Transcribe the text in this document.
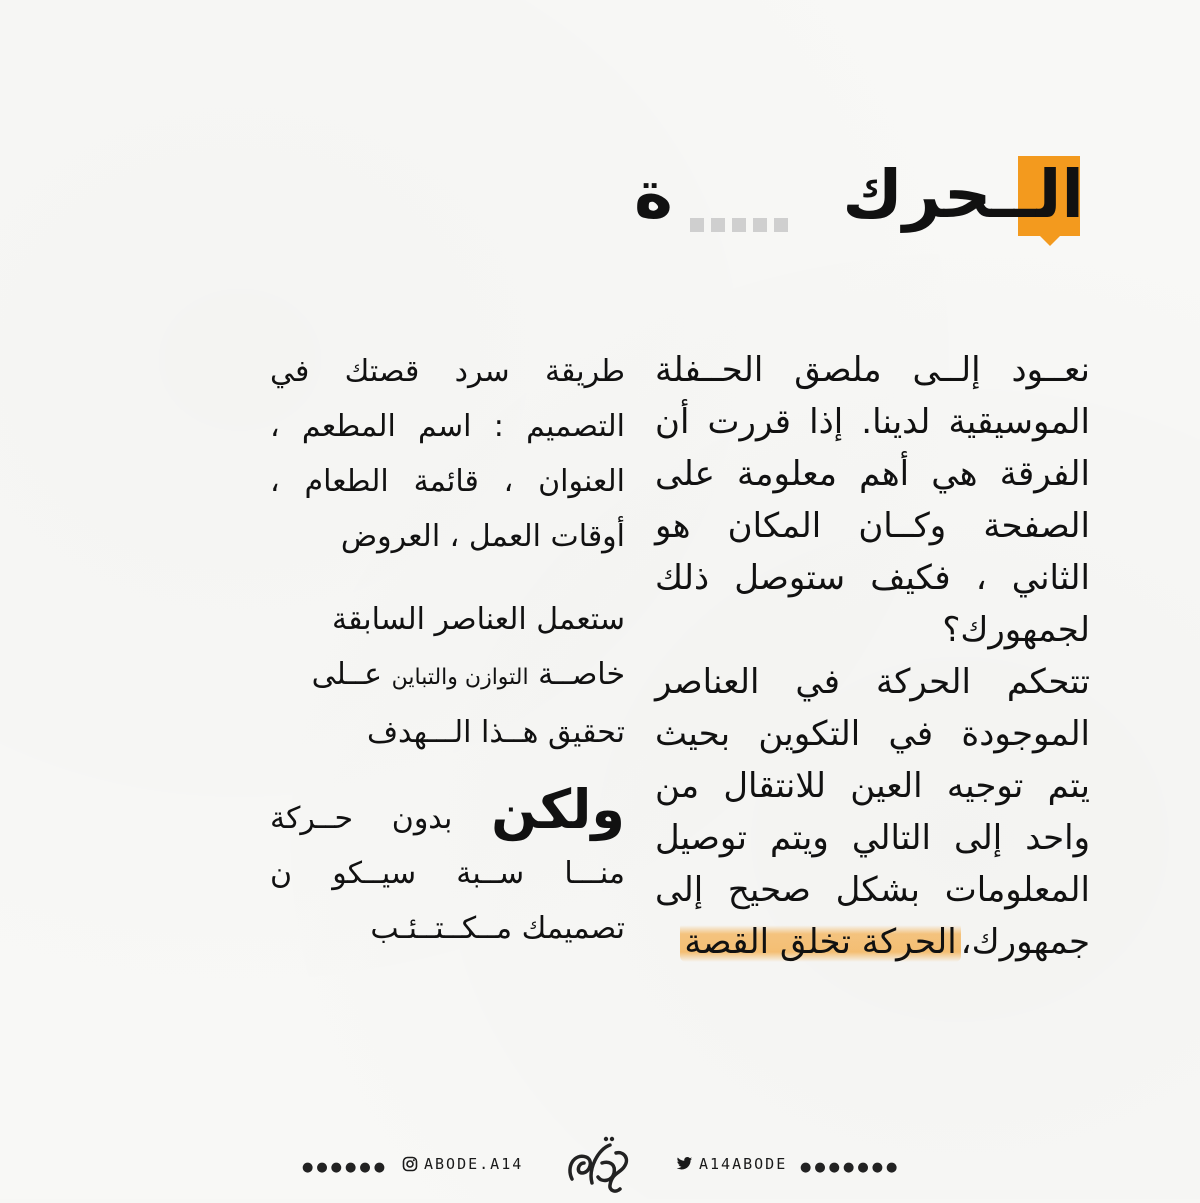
الــحرك
ة

نعــود إلــى ملصق الحــفلة الموسيقية لدينا. إذا قررت أن الفرقة هي أهم معلومة على الصفحة وكــان المكان هو الثاني ، فكيف ستوصل ذلك لجمهورك؟

تتحكم الحركة في العناصر الموجودة في التكوين بحيث يتم توجيه العين للانتقال من واحد إلى التالي ويتم توصيل المعلومات بشكل صحيح إلى جمهورك،الحركة تخلق القصة

طريقة سرد قصتك في التصميم : اسم المطعم ، العنوان ، قائمة الطعام ، أوقات العمل ، العروض

ستعمل العناصر السابقة
خاصــة التوازن والتباين عــلى
تحقيق هــذا الـــهدف

ولكن بدون حــركة منـــا ســبة سيــكو ن تصميمك مــكــتــئـب

●●●●●● ABODE.A14	A14ABODE ●●●●●●●
